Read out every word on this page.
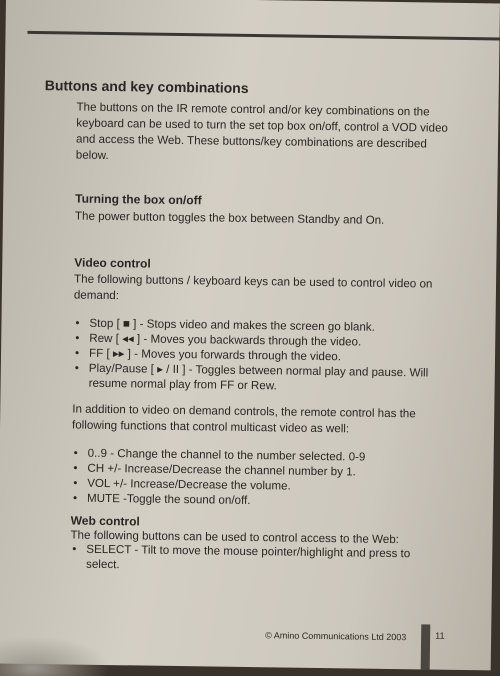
Buttons and key combinations
The buttons on the IR remote control and/or key combinations on the keyboard can be used to turn the set top box on/off, control a VOD video and access the Web. These buttons/key combinations are described below.
Turning the box on/off
The power button toggles the box between Standby and On.
Video control
The following buttons / keyboard keys can be used to control video on demand:
• Stop [ ■ ] - Stops video and makes the screen go blank.
• Rew [ ◂◂ ] - Moves you backwards through the video.
• FF [ ▸▸ ] - Moves you forwards through the video.
• Play/Pause [ ▸ / II ] - Toggles between normal play and pause. Will resume normal play from FF or Rew.
In addition to video on demand controls, the remote control has the following functions that control multicast video as well:
• 0..9 - Change the channel to the number selected. 0-9
• CH +/- Increase/Decrease the channel number by 1.
• VOL +/- Increase/Decrease the volume.
• MUTE -Toggle the sound on/off.
Web control
The following buttons can be used to control access to the Web:
• SELECT - Tilt to move the mouse pointer/highlight and press to select.
© Amino Communications Ltd 2003	11
